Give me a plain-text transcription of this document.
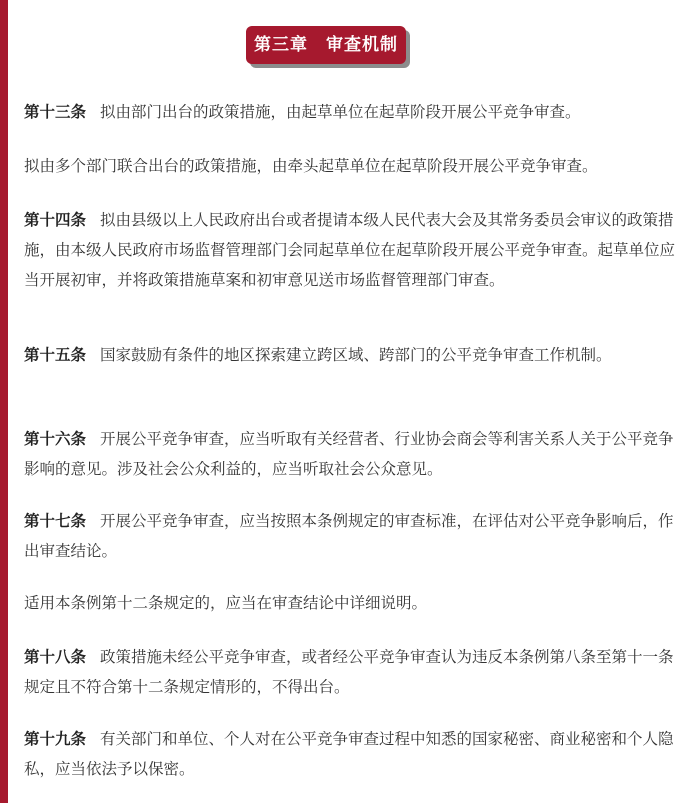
第三章　审查机制

第十三条 拟由部门出台的政策措施，由起草单位在起草阶段开展公平竞争审查。

拟由多个部门联合出台的政策措施，由牵头起草单位在起草阶段开展公平竞争审查。

第十四条 拟由县级以上人民政府出台或者提请本级人民代表大会及其常务委员会审议的政策措施，由本级人民政府市场监督管理部门会同起草单位在起草阶段开展公平竞争审查。起草单位应当开展初审，并将政策措施草案和初审意见送市场监督管理部门审查。

第十五条 国家鼓励有条件的地区探索建立跨区域、跨部门的公平竞争审查工作机制。

第十六条 开展公平竞争审查，应当听取有关经营者、行业协会商会等利害关系人关于公平竞争影响的意见。涉及社会公众利益的，应当听取社会公众意见。

第十七条 开展公平竞争审查，应当按照本条例规定的审查标准，在评估对公平竞争影响后，作出审查结论。

适用本条例第十二条规定的，应当在审查结论中详细说明。

第十八条 政策措施未经公平竞争审查，或者经公平竞争审查认为违反本条例第八条至第十一条规定且不符合第十二条规定情形的，不得出台。

第十九条 有关部门和单位、个人对在公平竞争审查过程中知悉的国家秘密、商业秘密和个人隐私，应当依法予以保密。
